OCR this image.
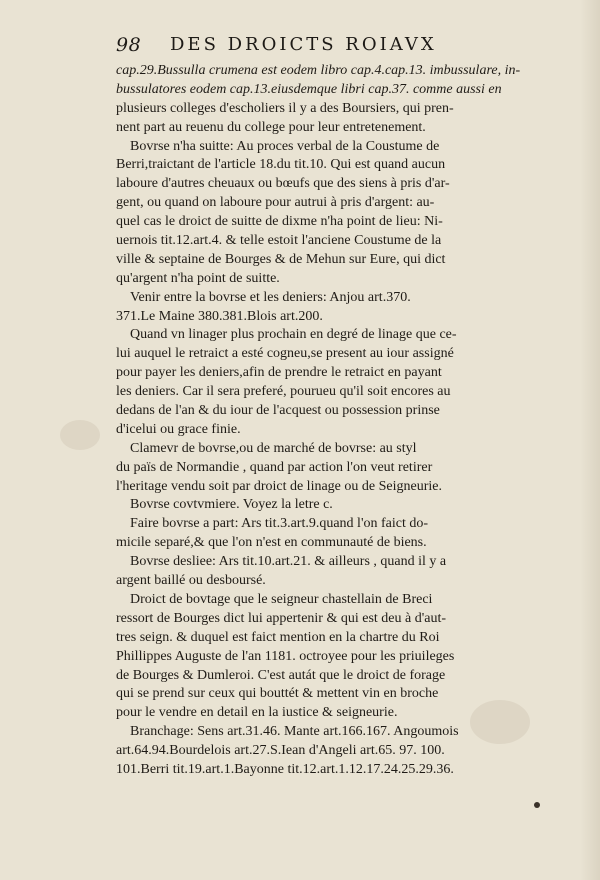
98 DES DROICTS ROIAVX
cap.29.Bussulla crumena est eodem libro cap.4.cap.13. imbussulare, in-
bussulatores eodem cap.13.eiusdemque libri cap.37. comme aussi en
plusieurs colleges d'escholiers il y a des Boursiers, qui pren-
nent part au reuenu du college pour leur entretenement.
Bovrse n'ha suitte: Au proces verbal de la Coustume de
Berri,traictant de l'article 18.du tit.10. Qui est quand aucun
laboure d'autres cheuaux ou bœufs que des siens à pris d'ar-
gent, ou quand on laboure pour autrui à pris d'argent: au-
quel cas le droict de suitte de dixme n'ha point de lieu: Ni-
uernois tit.12.art.4. & telle estoit l'anciene Coustume de la
ville & septaine de Bourges & de Mehun sur Eure, qui dict
qu'argent n'ha point de suitte.
Venir entre la bovrse et les deniers: Anjou art.370.
371.Le Maine 380.381.Blois art.200.
Quand vn linager plus prochain en degré de linage que ce-
lui auquel le retraict a esté cogneu,se present au iour assigné
pour payer les deniers,afin de prendre le retraict en payant
les deniers. Car il sera preferé, pourueu qu'il soit encores au
dedans de l'an & du iour de l'acquest ou possession prinse
d'icelui ou grace finie.
Clamevr de bovrse,ou de marché de bovrse: au styl
du païs de Normandie , quand par action l'on veut retirer
l'heritage vendu soit par droict de linage ou de Seigneurie.
Bovrse covtvmiere. Voyez la letre c.
Faire bovrse a part: Ars tit.3.art.9.quand l'on faict do-
micile separé,& que l'on n'est en communauté de biens.
Bovrse desliee: Ars tit.10.art.21. & ailleurs , quand il y a
argent baillé ou desboursé.
Droict de bovtage que le seigneur chastellain de Breci
ressort de Bourges dict lui appertenir & qui est deu à d'aut-
tres seign. & duquel est faict mention en la chartre du Roi
Phillippes Auguste de l'an 1181. octroyee pour les priuileges
de Bourges & Dumleroi. C'est autát que le droict de forage
qui se prend sur ceux qui bouttét & mettent vin en broche
pour le vendre en detail en la iustice & seigneurie.
Branchage: Sens art.31.46. Mante art.166.167. Angoumois
art.64.94.Bourdelois art.27.S.Iean d'Angeli art.65. 97. 100.
101.Berri tit.19.art.1.Bayonne tit.12.art.1.12.17.24.25.29.36.
